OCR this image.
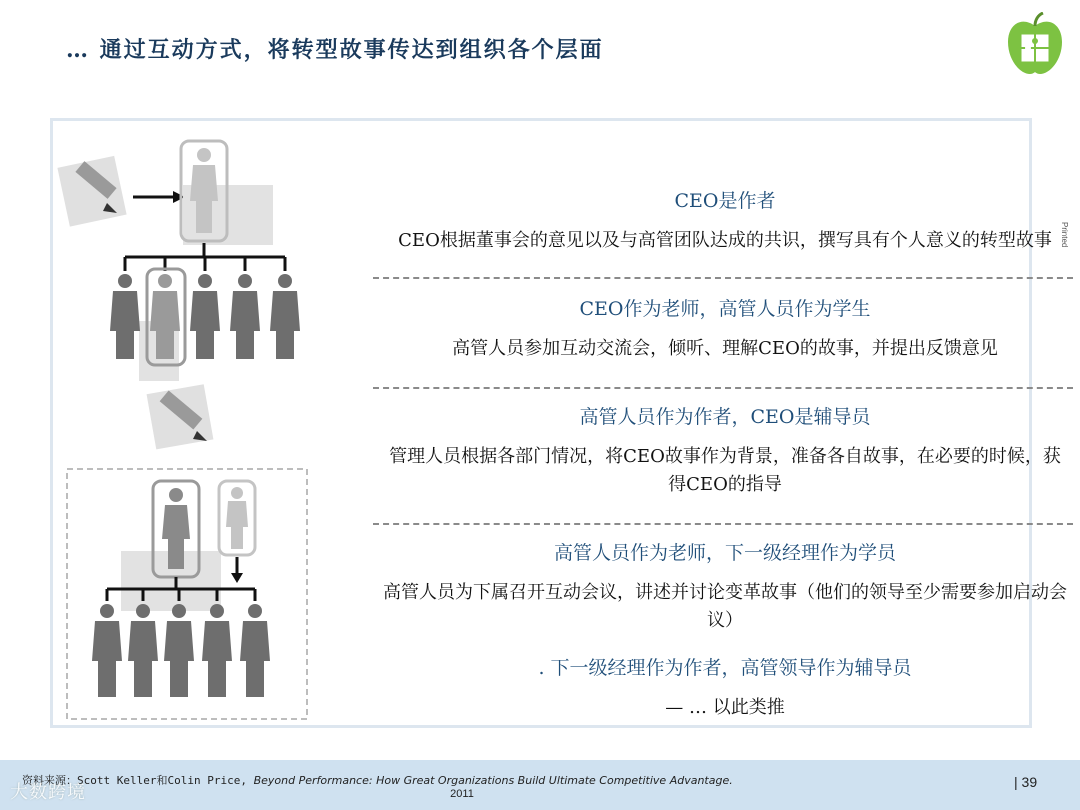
… 通过互动方式，将转型故事传达到组织各个层面
Printed
CEO是作者
CEO根据董事会的意见以及与高管团队达成的共识，撰写具有个人意义的转型故事
CEO作为老师，高管人员作为学生
高管人员参加互动交流会，倾听、理解CEO的故事，并提出反馈意见
高管人员作为作者，CEO是辅导员
管理人员根据各部门情况，将CEO故事作为背景，准备各自故事，在必要的时候，获得CEO的指导
高管人员作为老师，下一级经理作为学员
高管人员为下属召开互动会议，讲述并讨论变革故事（他们的领导至少需要参加启动会议）
. 下一级经理作为作者，高管领导作为辅导员
— … 以此类推
资料来源：Scott Keller和Colin Price, Beyond Performance: How Great Organizations Build Ultimate Competitive Advantage.
2011
| 39
大数跨境
